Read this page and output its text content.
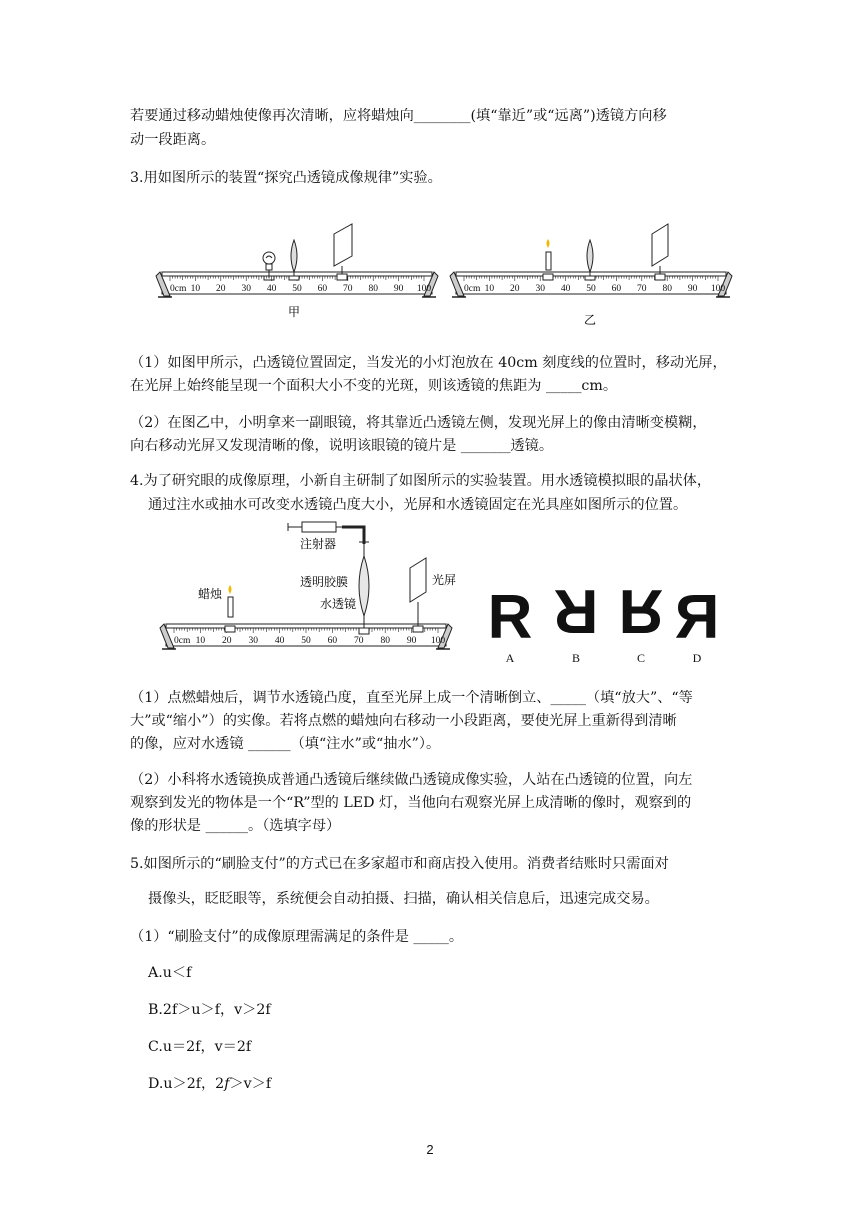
若要通过移动蜡烛使像再次清晰，应将蜡烛向________(填“靠近”或“远离”)透镜方向移
动一段距离。
3.用如图所示的装置“探究凸透镜成像规律”实验。
0cm 10 20 30 40 50 60 70 80 90 100	0cm 10 20 30 40 50 60 70 80 90 100
甲
乙
（1）如图甲所示，凸透镜位置固定，当发光的小灯泡放在 40cm 刻度线的位置时，移动光屏，
在光屏上始终能呈现一个面积大小不变的光斑，则该透镜的焦距为 _____cm。
（2）在图乙中，小明拿来一副眼镜，将其靠近凸透镜左侧，发现光屏上的像由清晰变模糊，
向右移动光屏又发现清晰的像，说明该眼镜的镜片是 _______透镜。
4.为了研究眼的成像原理，小新自主研制了如图所示的实验装置。用水透镜模拟眼的晶状体，
通过注水或抽水可改变水透镜凸度大小，光屏和水透镜固定在光具座如图所示的位置。
0cm 10 20 30 40 50 60 70 80 90 100
注射器
透明胶膜
水透镜
蜡烛
光屏
R R R R
A	B	C	D
（1）点燃蜡烛后，调节水透镜凸度，直至光屏上成一个清晰倒立、_____（填“放大”、“等
大”或“缩小”）的实像。若将点燃的蜡烛向右移动一小段距离，要使光屏上重新得到清晰
的像，应对水透镜 ______（填“注水”或“抽水”）。
（2）小科将水透镜换成普通凸透镜后继续做凸透镜成像实验，人站在凸透镜的位置，向左
观察到发光的物体是一个“R”型的 LED 灯，当他向右观察光屏上成清晰的像时，观察到的
像的形状是 ______。（选填字母）
5.如图所示的“刷脸支付”的方式已在多家超市和商店投入使用。消费者结账时只需面对
摄像头，眨眨眼等，系统便会自动拍摄、扫描，确认相关信息后，迅速完成交易。
（1）“刷脸支付”的成像原理需满足的条件是 _____。
A.u＜f
B.2f＞u＞f，v＞2f
C.u＝2f，v＝2f
D.u＞2f，2𝑓＞v＞f
2
